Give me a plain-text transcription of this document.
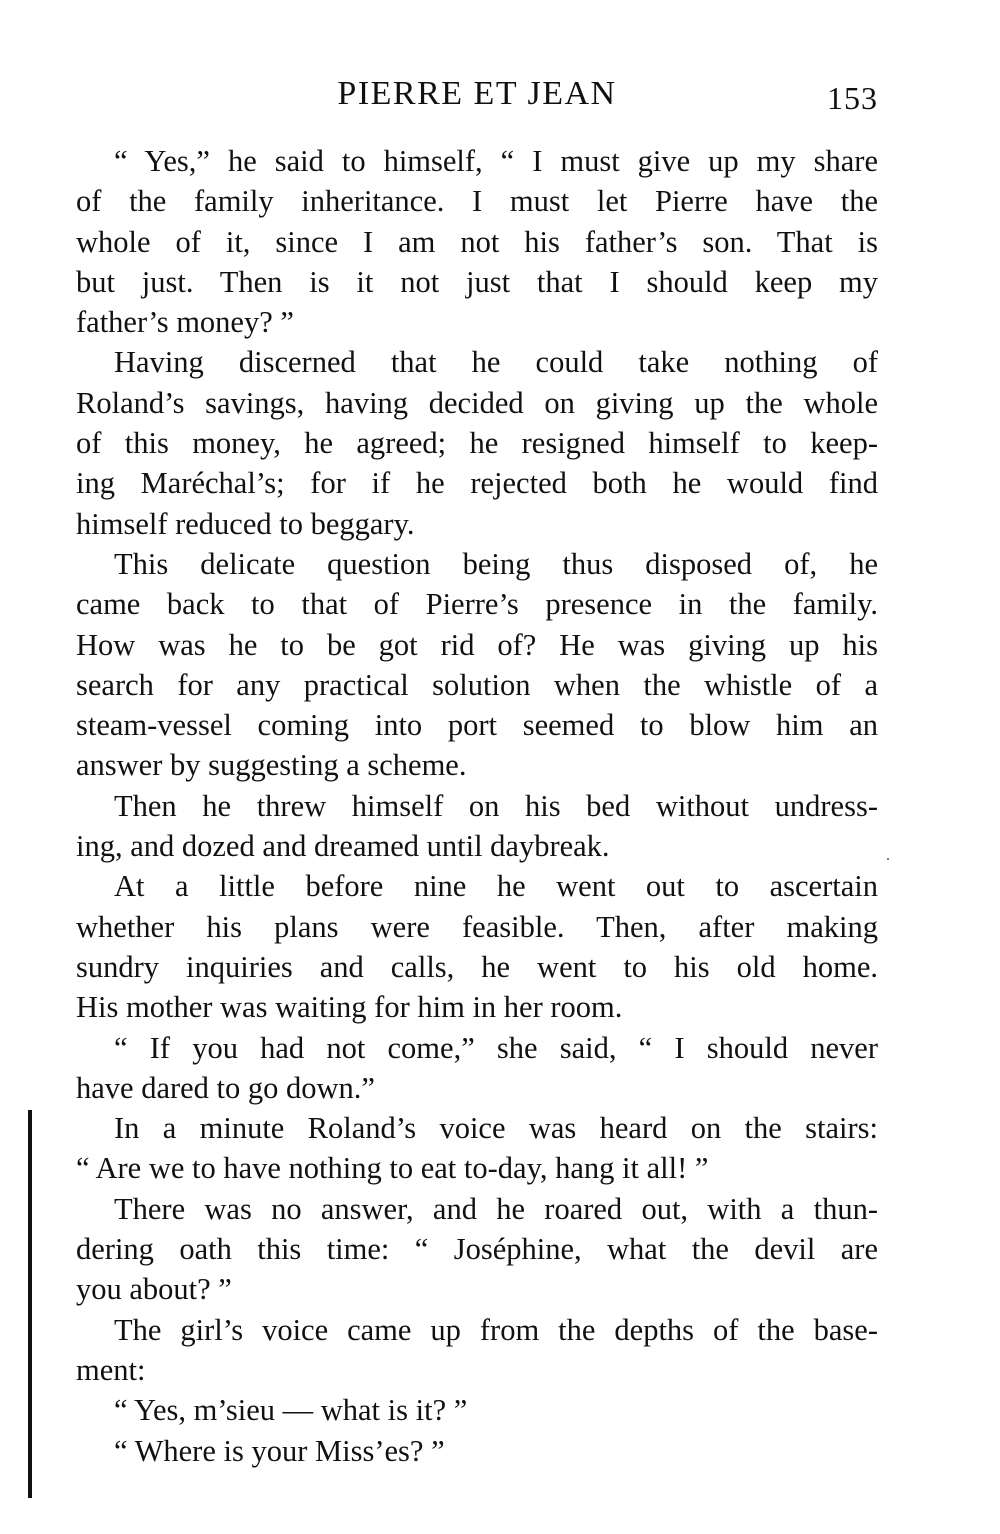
PIERRE ET JEAN	153
“ Yes,” he said to himself, “ I must give up my share
of the family inheritance. I must let Pierre have the
whole of it, since I am not his father’s son. That is
but just. Then is it not just that I should keep my
father’s money? ”
Having discerned that he could take nothing of
Roland’s savings, having decided on giving up the whole
of this money, he agreed; he resigned himself to keep-
ing Maréchal’s; for if he rejected both he would find
himself reduced to beggary.
This delicate question being thus disposed of, he
came back to that of Pierre’s presence in the family.
How was he to be got rid of? He was giving up his
search for any practical solution when the whistle of a
steam-vessel coming into port seemed to blow him an
answer by suggesting a scheme.
Then he threw himself on his bed without undress-
ing, and dozed and dreamed until daybreak.
At a little before nine he went out to ascertain
whether his plans were feasible. Then, after making
sundry inquiries and calls, he went to his old home.
His mother was waiting for him in her room.
“ If you had not come,” she said, “ I should never
have dared to go down.”
In a minute Roland’s voice was heard on the stairs:
“ Are we to have nothing to eat to-day, hang it all! ”
There was no answer, and he roared out, with a thun-
dering oath this time: “ Joséphine, what the devil are
you about? ”
The girl’s voice came up from the depths of the base-
ment:
“ Yes, m’sieu — what is it? ”
“ Where is your Miss’es? ”
